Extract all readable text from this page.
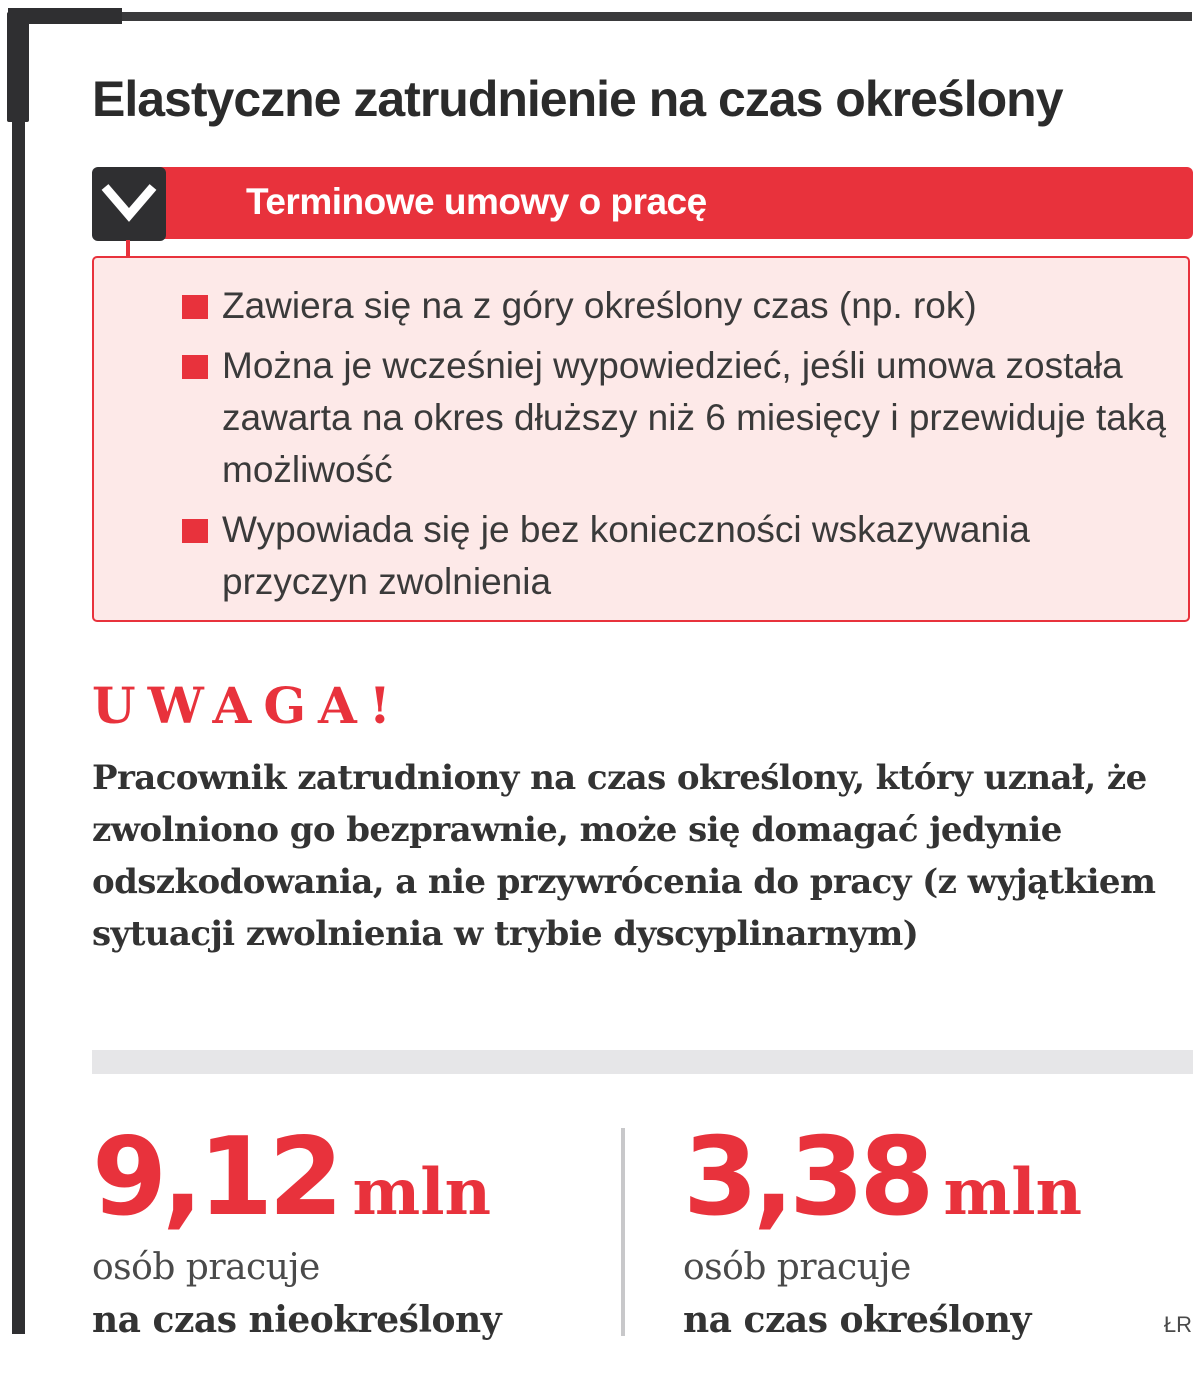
Elastyczne zatrudnienie na czas określony
Terminowe umowy o pracę
Zawiera się na z góry określony czas (np. rok)
Można je wcześniej wypowiedzieć, jeśli umowa została zawarta na okres dłuższy niż 6 miesięcy i przewiduje taką możliwość
Wypowiada się je bez konieczności wskazywania przyczyn zwolnienia
UWAGA!

Pracownik zatrudniony na czas określony, który uznał, że zwolniono go bezprawnie, może się domagać jedynie odszkodowania, a nie przywrócenia do pracy (z wyjątkiem sytuacji zwolnienia w trybie dyscyplinarnym)

9,12 mln
osób pracuje
na czas nieokreślony
3,38 mln
osób pracuje
na czas określony	ŁR
